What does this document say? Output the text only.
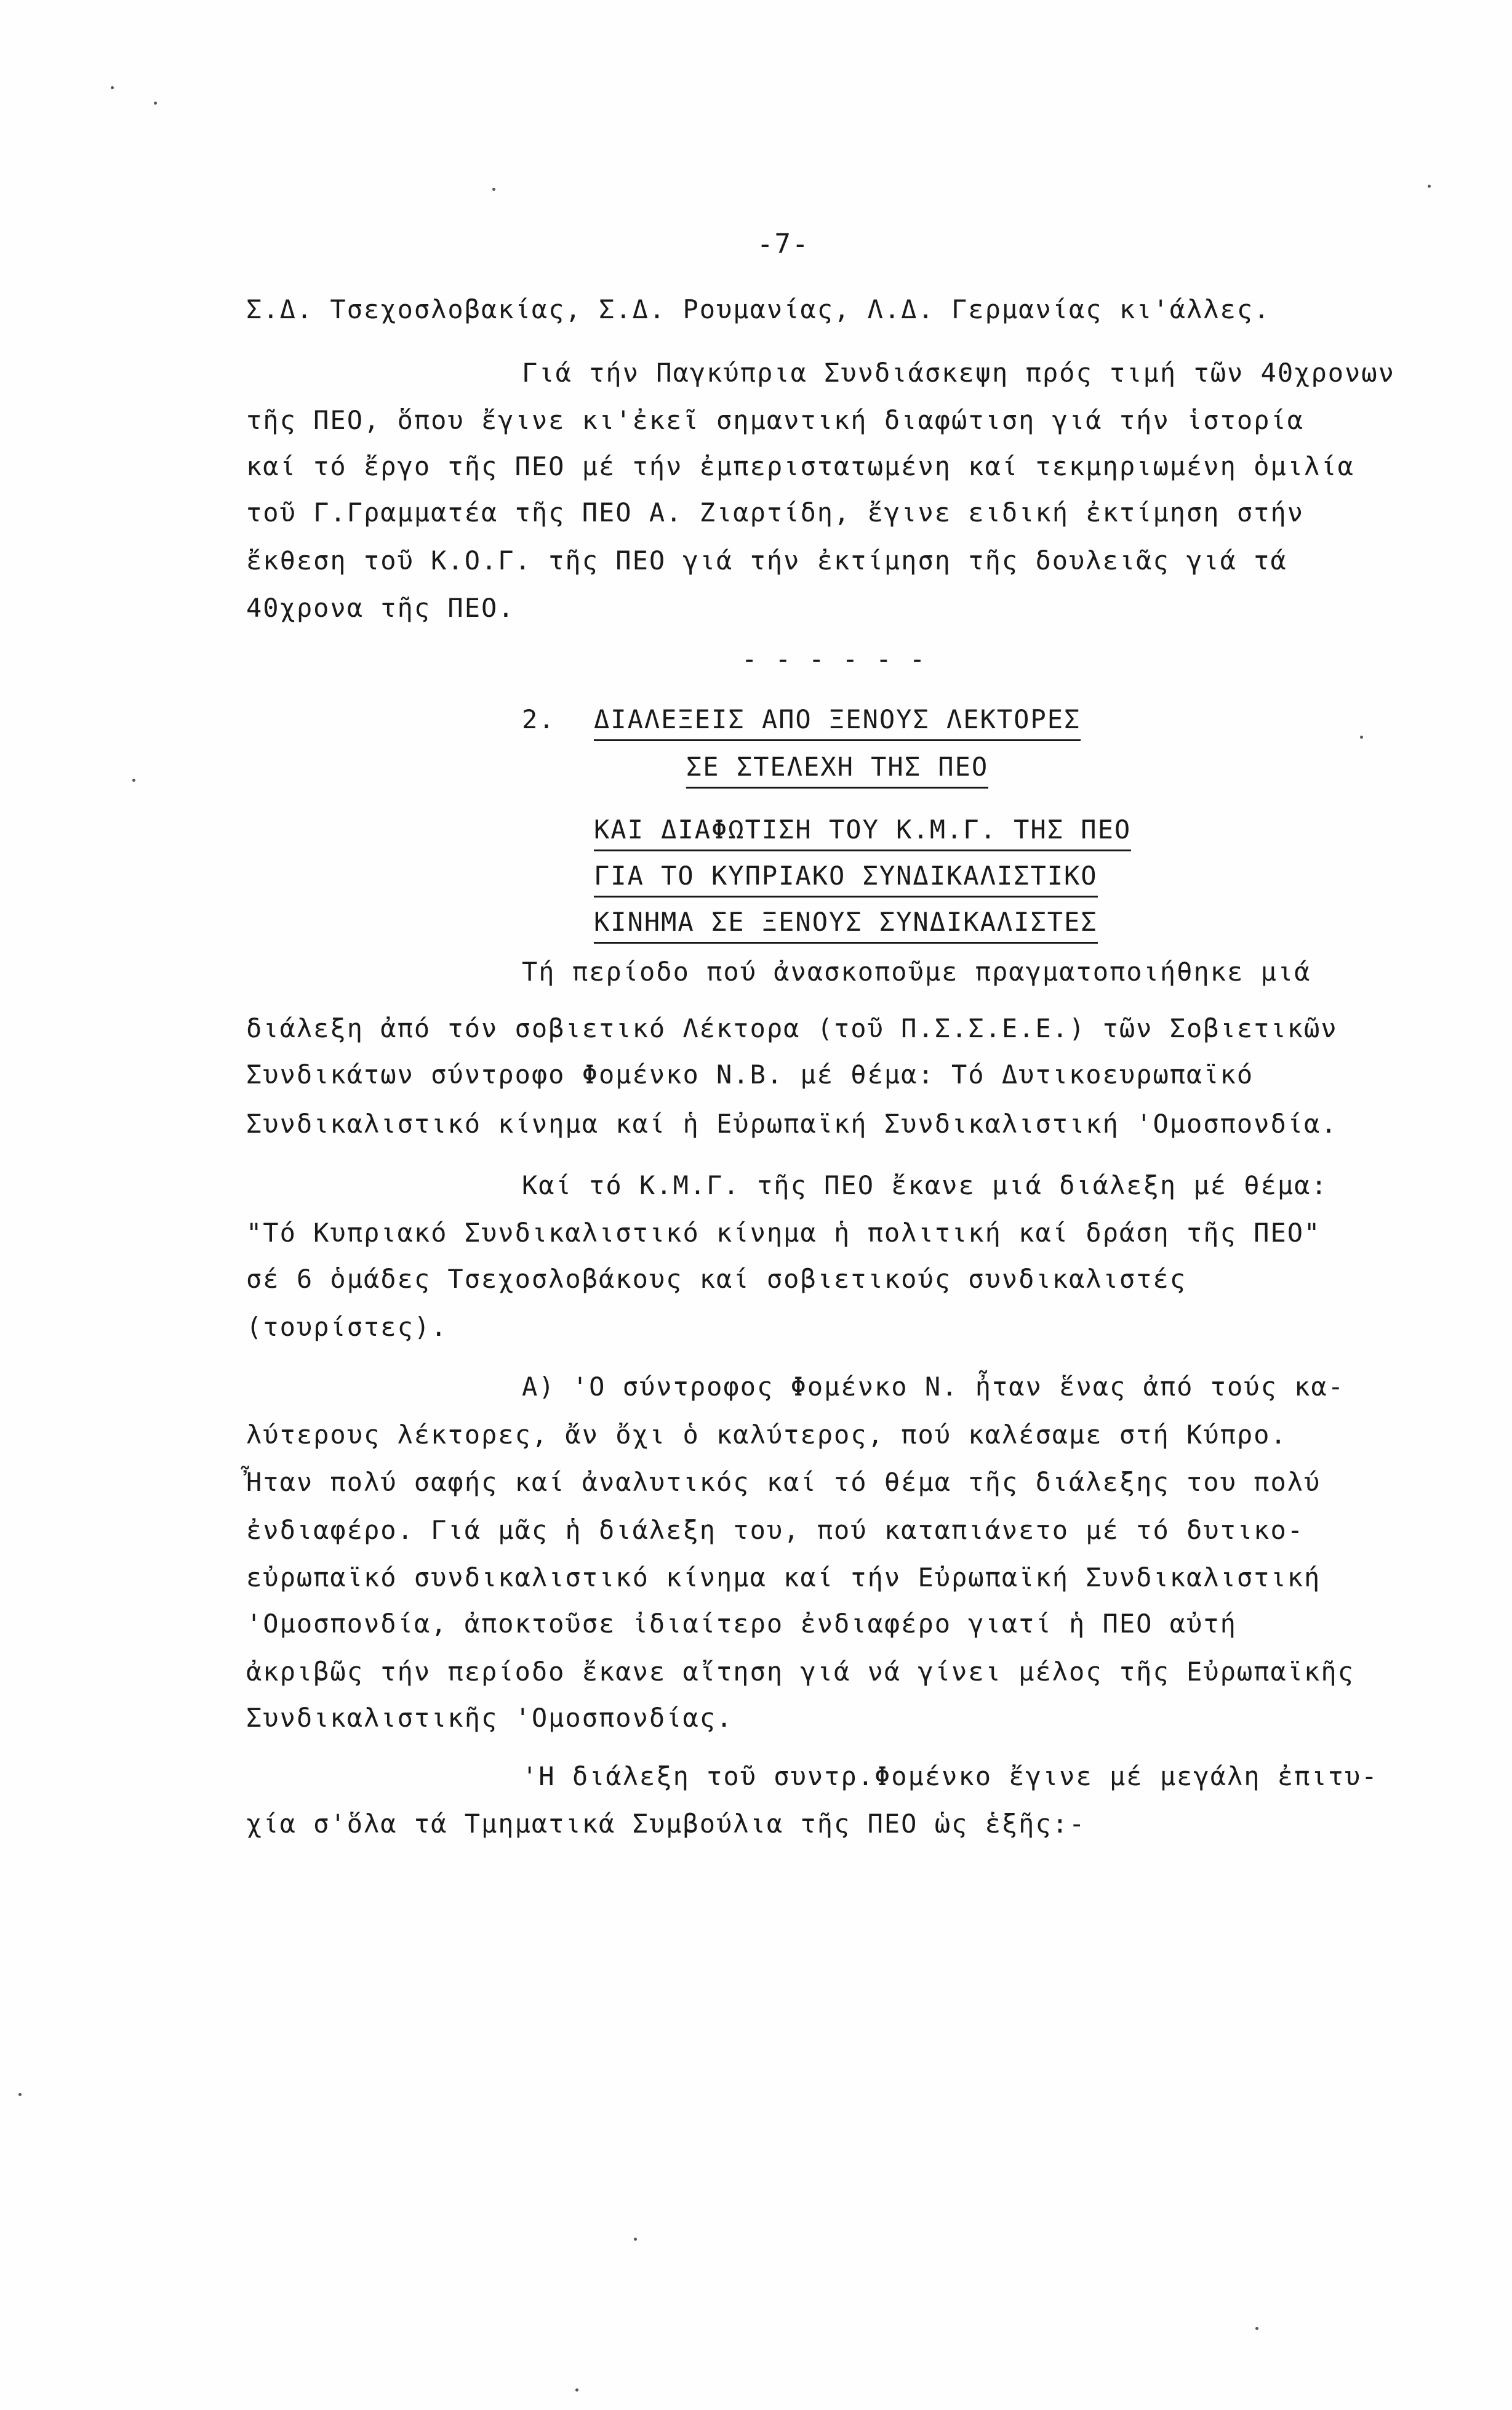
-7-
Σ.Δ. Τσεχοσλοβακίας, Σ.Δ. Ρουμανίας, Λ.Δ. Γερμανίας κι'άλλες.
Γιά τήν Παγκύπρια Συνδιάσκεψη πρός τιμή τῶν 40χρονων
τῆς ΠΕΟ, ὅπου ἔγινε κι'ἐκεῖ σημαντική διαφώτιση γιά τήν ἱστορία
καί τό ἔργο τῆς ΠΕΟ μέ τήν ἐμπεριστατωμένη καί τεκμηριωμένη ὁμιλία
τοῦ Γ.Γραμματέα τῆς ΠΕΟ Α. Ζιαρτίδη, ἔγινε ειδική ἐκτίμηση στήν
ἔκθεση τοῦ Κ.Ο.Γ. τῆς ΠΕΟ γιά τήν ἐκτίμηση τῆς δουλειᾶς γιά τά
40χρονα τῆς ΠΕΟ.
- - - - - -
2. ΔΙΑΛΕΞΕΙΣ ΑΠΟ ΞΕΝΟΥΣ ΛΕΚΤΟΡΕΣ
ΣΕ ΣΤΕΛΕΧΗ ΤΗΣ ΠΕΟ
ΚΑΙ ΔΙΑΦΩΤΙΣΗ ΤΟΥ Κ.Μ.Γ. ΤΗΣ ΠΕΟ
ΓΙΑ ΤΟ ΚΥΠΡΙΑΚΟ ΣΥΝΔΙΚΑΛΙΣΤΙΚΟ
ΚΙΝΗΜΑ ΣΕ ΞΕΝΟΥΣ ΣΥΝΔΙΚΑΛΙΣΤΕΣ
Τή περίοδο πού ἀνασκοποῦμε πραγματοποιήθηκε μιά
διάλεξη ἀπό τόν σοβιετικό Λέκτορα (τοῦ Π.Σ.Σ.Ε.Ε.) τῶν Σοβιετικῶν
Συνδικάτων σύντροφο Φομένκο Ν.Β. μέ θέμα: Τό Δυτικοευρωπαϊκό
Συνδικαλιστικό κίνημα καί ἡ Εὐρωπαϊκή Συνδικαλιστική 'Ομοσπονδία.
Καί τό Κ.Μ.Γ. τῆς ΠΕΟ ἔκανε μιά διάλεξη μέ θέμα:
"Τό Κυπριακό Συνδικαλιστικό κίνημα ἡ πολιτική καί δράση τῆς ΠΕΟ"
σέ 6 ὁμάδες Τσεχοσλοβάκους καί σοβιετικούς συνδικαλιστές
(τουρίστες).
Α) 'Ο σύντροφος Φομένκο Ν. ἦταν ἕνας ἀπό τούς κα-
λύτερους λέκτορες, ἄν ὄχι ὁ καλύτερος, πού καλέσαμε στή Κύπρο.
Ἦταν πολύ σαφής καί ἀναλυτικός καί τό θέμα τῆς διάλεξης του πολύ
ἐνδιαφέρο. Γιά μᾶς ἡ διάλεξη του, πού καταπιάνετο μέ τό δυτικο-
εὐρωπαϊκό συνδικαλιστικό κίνημα καί τήν Εὐρωπαϊκή Συνδικαλιστική
'Ομοσπονδία, ἀποκτοῦσε ἰδιαίτερο ἐνδιαφέρο γιατί ἡ ΠΕΟ αὐτή
ἀκριβῶς τήν περίοδο ἔκανε αἴτηση γιά νά γίνει μέλος τῆς Εὐρωπαϊκῆς
Συνδικαλιστικῆς 'Ομοσπονδίας.
'Η διάλεξη τοῦ συντρ.Φομένκο ἔγινε μέ μεγάλη ἐπιτυ-
χία σ'ὅλα τά Τμηματικά Συμβούλια τῆς ΠΕΟ ὡς ἑξῆς:-
